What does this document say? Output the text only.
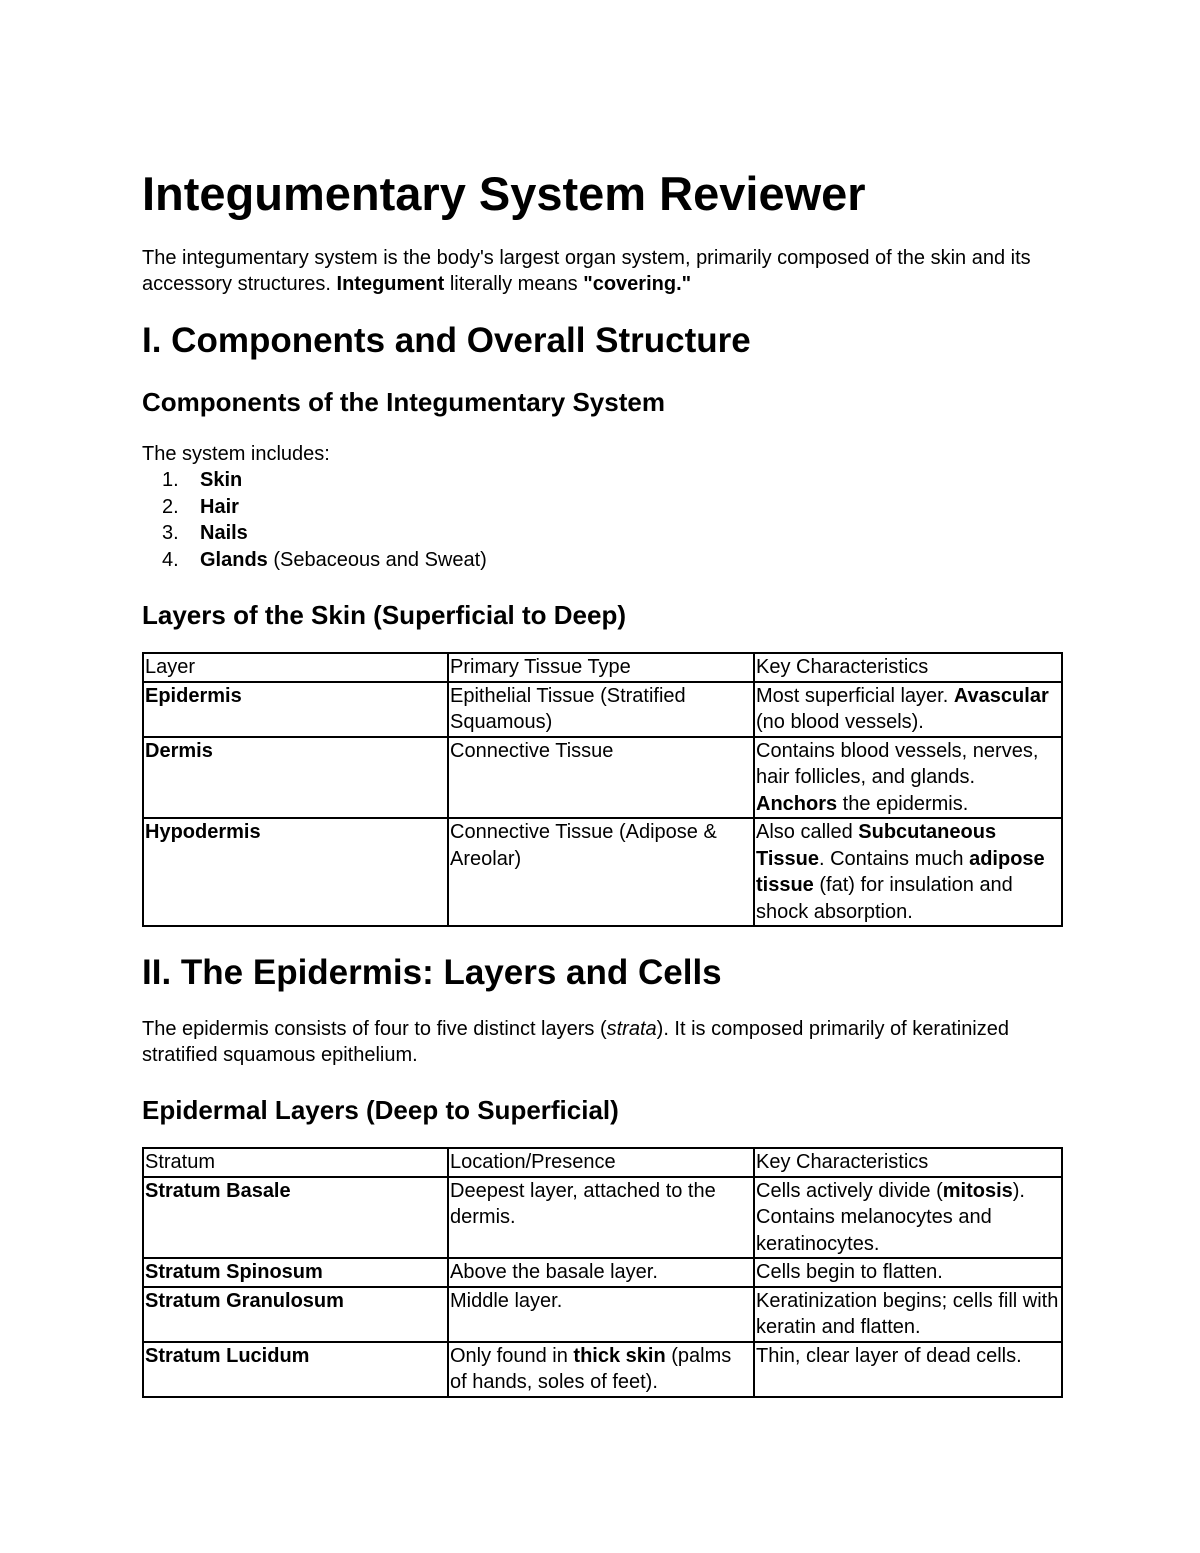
Integumentary System Reviewer

The integumentary system is the body's largest organ system, primarily composed of the skin and its accessory structures. Integument literally means "covering."

I. Components and Overall Structure
Components of the Integumentary System

The system includes:

1. Skin
2. Hair
3. Nails
4. Glands (Sebaceous and Sweat)
Layers of the Skin (Superficial to Deep)
Layer	Primary Tissue Type	Key Characteristics
Epidermis	Epithelial Tissue (Stratified Squamous)	Most superficial layer. Avascular (no blood vessels).
Dermis	Connective Tissue	Contains blood vessels, nerves, hair follicles, and glands. Anchors the epidermis.
Hypodermis	Connective Tissue (Adipose & Areolar)	Also called Subcutaneous Tissue. Contains much adipose tissue (fat) for insulation and shock absorption.
II. The Epidermis: Layers and Cells

The epidermis consists of four to five distinct layers (strata). It is composed primarily of keratinized stratified squamous epithelium.

Epidermal Layers (Deep to Superficial)
Stratum	Location/Presence	Key Characteristics
Stratum Basale	Deepest layer, attached to the dermis.	Cells actively divide (mitosis). Contains melanocytes and keratinocytes.
Stratum Spinosum	Above the basale layer.	Cells begin to flatten.
Stratum Granulosum	Middle layer.	Keratinization begins; cells fill with keratin and flatten.
Stratum Lucidum	Only found in thick skin (palms of hands, soles of feet).	Thin, clear layer of dead cells.
